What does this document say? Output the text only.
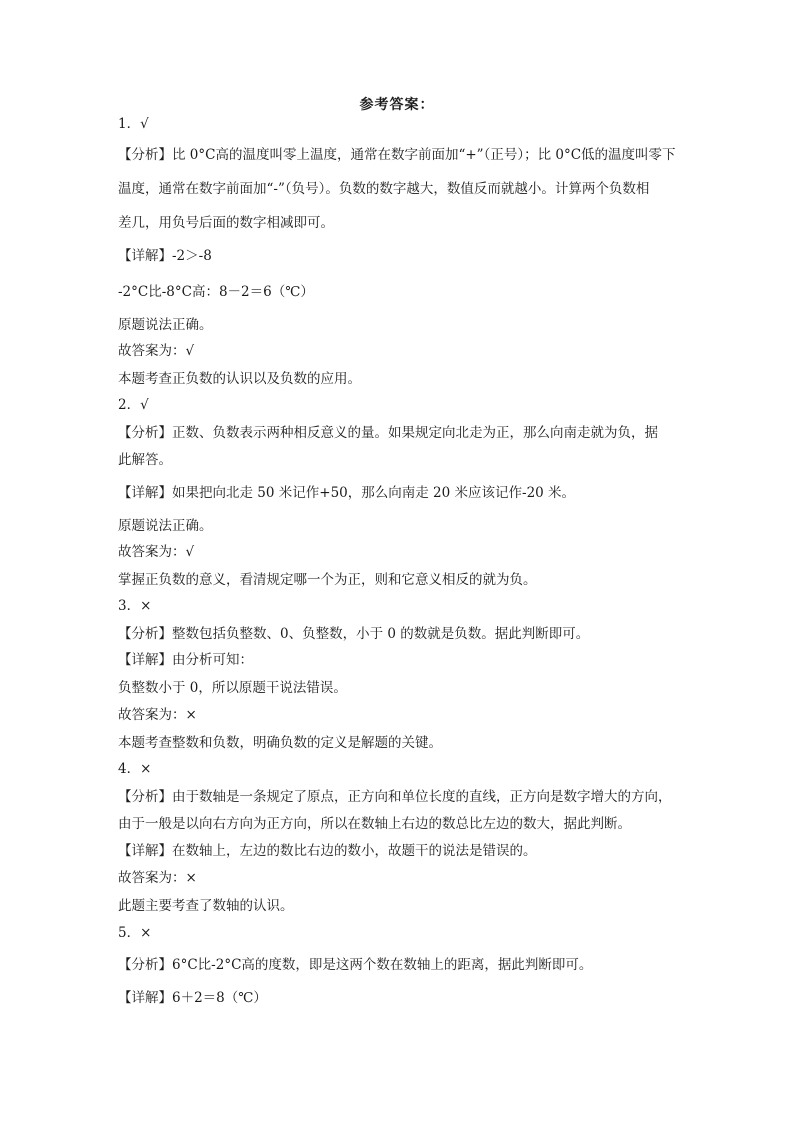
参考答案：
1．√
【分析】比 0°C高的温度叫零上温度，通常在数字前面加“+”（正号）；比 0°C低的温度叫零下
温度，通常在数字前面加“-”（负号）。负数的数字越大，数值反而就越小。计算两个负数相
差几，用负号后面的数字相减即可。
【详解】-2＞-8
-2°C比-8°C高：8－2＝6（℃）
原题说法正确。
故答案为：√
本题考查正负数的认识以及负数的应用。
2．√
【分析】正数、负数表示两种相反意义的量。如果规定向北走为正，那么向南走就为负，据
此解答。
【详解】如果把向北走 50 米记作+50，那么向南走 20 米应该记作-20 米。
原题说法正确。
故答案为：√
掌握正负数的意义，看清规定哪一个为正，则和它意义相反的就为负。
3．×
【分析】整数包括负整数、0、负整数，小于 0 的数就是负数。据此判断即可。
【详解】由分析可知：
负整数小于 0，所以原题干说法错误。
故答案为：×
本题考查整数和负数，明确负数的定义是解题的关键。
4．×
【分析】由于数轴是一条规定了原点，正方向和单位长度的直线，正方向是数字增大的方向，
由于一般是以向右方向为正方向，所以在数轴上右边的数总比左边的数大，据此判断。
【详解】在数轴上，左边的数比右边的数小，故题干的说法是错误的。
故答案为：×
此题主要考查了数轴的认识。
5．×
【分析】6°C比-2°C高的度数，即是这两个数在数轴上的距离，据此判断即可。
【详解】6＋2＝8（℃）
